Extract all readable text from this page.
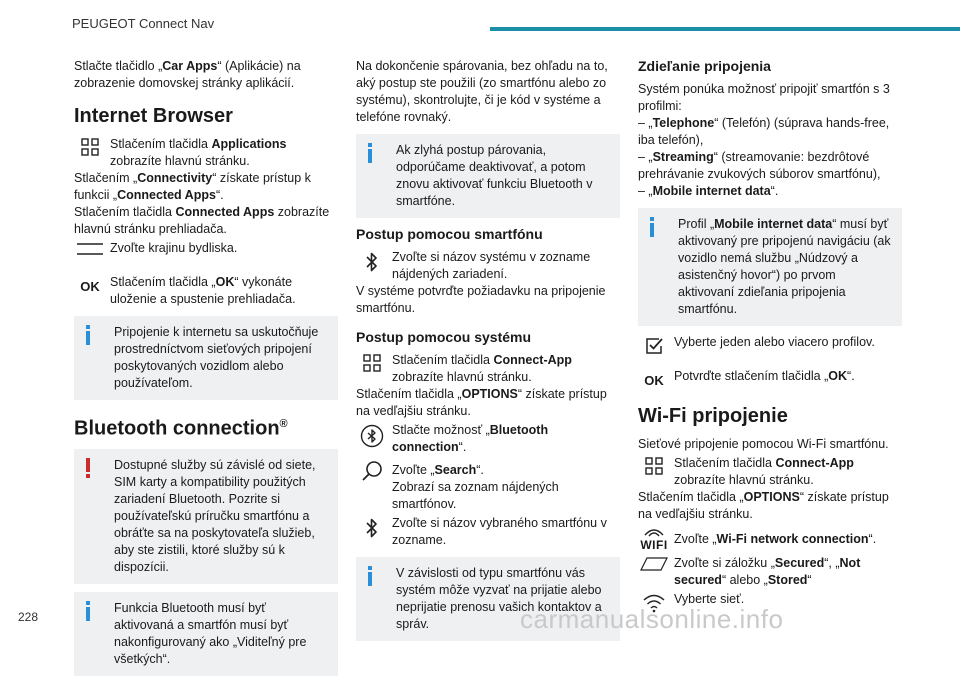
PEUGEOT Connect Nav

Stlačte tlačidlo „Car Apps“ (Aplikácie) na zobrazenie domovskej stránky aplikácií.

Internet Browser

Stlačením tlačidla Applications zobrazíte hlavnú stránku.

Stlačením „Connectivity“ získate prístup k funkcii „Connected Apps“.

Stlačením tlačidla Connected Apps zobrazíte hlavnú stránku prehliadača.

Zvoľte krajinu bydliska.

OK Stlačením tlačidla „OK“ vykonáte uloženie a spustenie prehliadača.

Pripojenie k internetu sa uskutočňuje prostredníctvom sieťových pripojení poskytovaných vozidlom alebo používateľom.

Bluetooth connection®

Dostupné služby sú závislé od siete, SIM karty a kompatibility použitých zariadení Bluetooth. Pozrite si používateľskú príručku smartfónu a obráťte sa na poskytovateľa služieb, aby ste zistili, ktoré služby sú k dispozícii.

Funkcia Bluetooth musí byť aktivovaná a smartfón musí byť nakonfigurovaný ako „Viditeľný pre všetkých“.

Na dokončenie spárovania, bez ohľadu na to, aký postup ste použili (zo smartfónu alebo zo systému), skontrolujte, či je kód v systéme a telefóne rovnaký.

Ak zlyhá postup párovania, odporúčame deaktivovať, a potom znovu aktivovať funkciu Bluetooth v smartfóne.

Postup pomocou smartfónu

Zvoľte si názov systému v zozname nájdených zariadení.

V systéme potvrďte požiadavku na pripojenie smartfónu.

Postup pomocou systému

Stlačením tlačidla Connect-App zobrazíte hlavnú stránku.

Stlačením tlačidla „OPTIONS“ získate prístup na vedľajšiu stránku.

Stlačte možnosť „Bluetooth connection“.

Zvoľte „Search“.
Zobrazí sa zoznam nájdených smartfónov.

Zvoľte si názov vybraného smartfónu v zozname.

V závislosti od typu smartfónu vás systém môže vyzvať na prijatie alebo neprijatie prenosu vašich kontaktov a správ.

Zdieľanie pripojenia

Systém ponúka možnosť pripojiť smartfón s 3 profilmi:

– „Telephone“ (Telefón) (súprava hands-free, iba telefón),

– „Streaming“ (streamovanie: bezdrôtové prehrávanie zvukových súborov smartfónu),

– „Mobile internet data“.

Profil „Mobile internet data“ musí byť aktivovaný pre pripojenú navigáciu (ak vozidlo nemá službu „Núdzový a asistenčný hovor“) po prvom aktivovaní zdieľania pripojenia smartfónu.

Vyberte jeden alebo viacero profilov.

OK Potvrďte stlačením tlačidla „OK“.

Wi-Fi pripojenie

Sieťové pripojenie pomocou Wi-Fi smartfónu.

Stlačením tlačidla Connect-App zobrazíte hlavnú stránku.

Stlačením tlačidla „OPTIONS“ získate prístup na vedľajšiu stránku.

WIFI Zvoľte „Wi-Fi network connection“.

Zvoľte si záložku „Secured“, „Not secured“ alebo „Stored“

Vyberte sieť.

228	carmanualsonline.info
